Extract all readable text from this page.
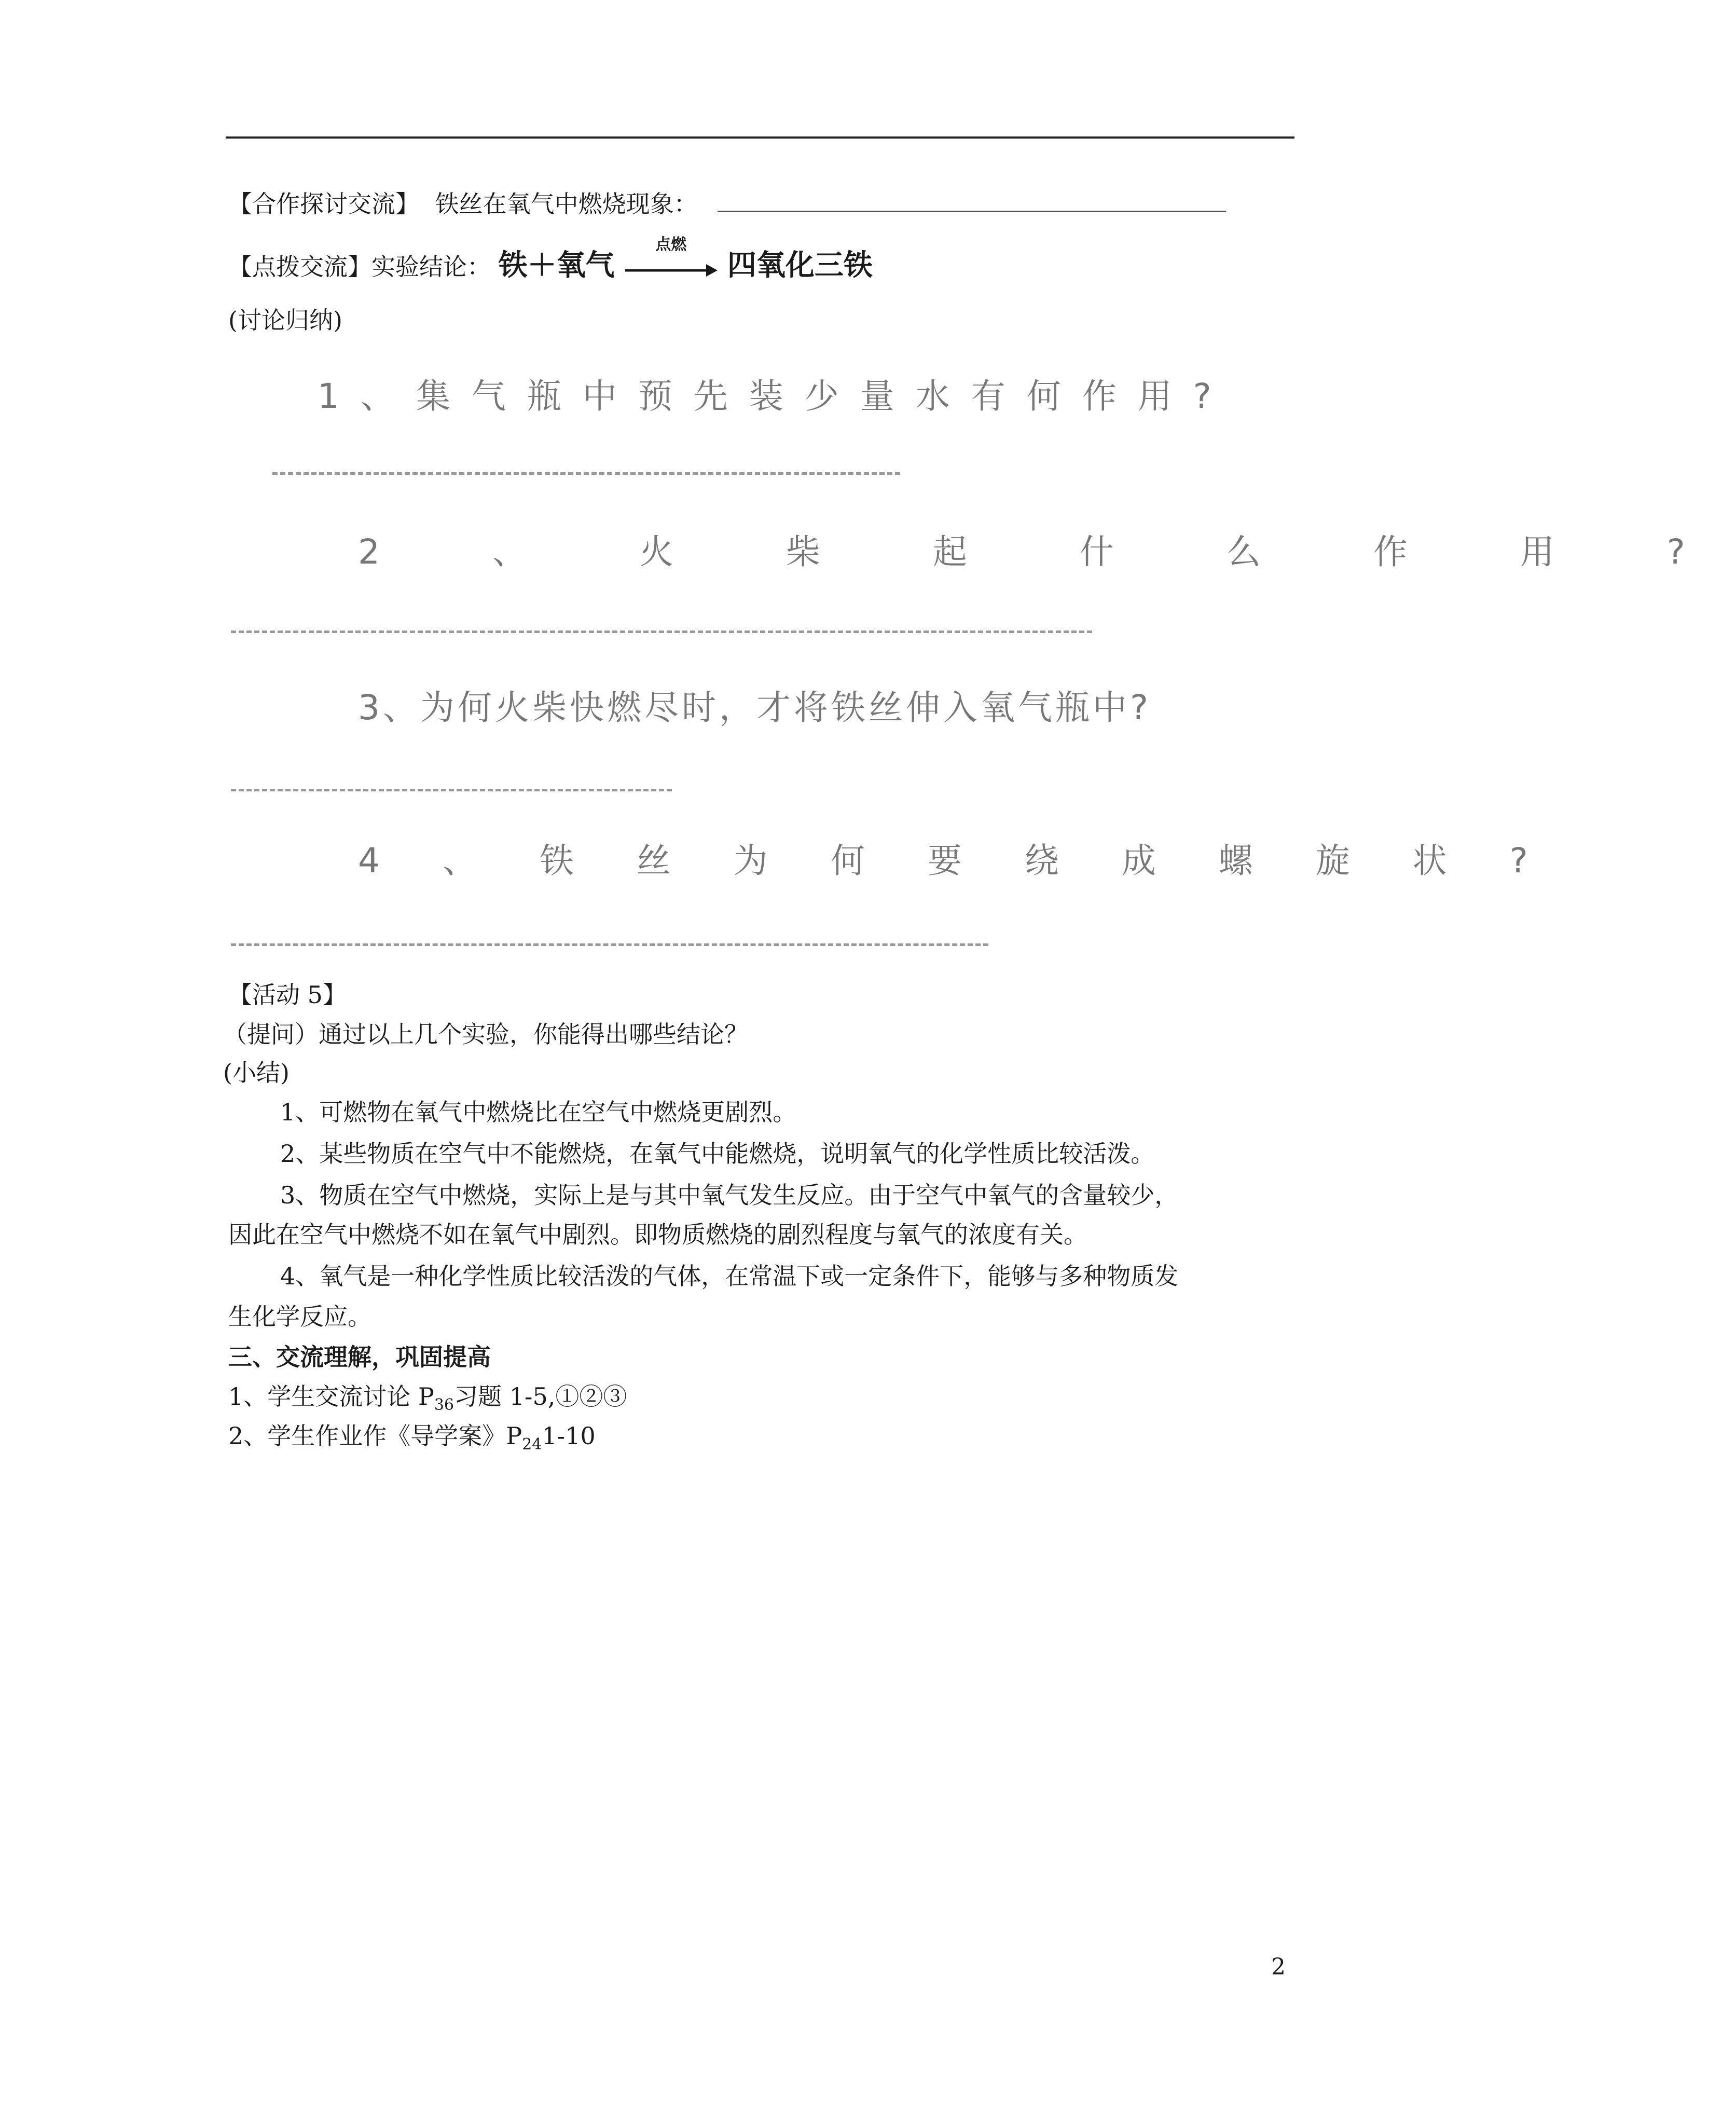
【合作探讨交流】 铁丝在氧气中燃烧现象：
【点拨交流】实验结论： 铁＋氧气
点燃
四氧化三铁
(讨论归纳)
1 、 集 气 瓶 中 预 先 装 少 量 水 有 何 作 用 ?
2 、 火 柴 起 什 么 作 用 ?
3、为何火柴快燃尽时，才将铁丝伸入氧气瓶中?
4 、 铁 丝 为 何 要 绕 成 螺 旋 状 ?
【活动 5】
（提问）通过以上几个实验，你能得出哪些结论？
(小结)
1、可燃物在氧气中燃烧比在空气中燃烧更剧烈。
2、某些物质在空气中不能燃烧，在氧气中能燃烧，说明氧气的化学性质比较活泼。
3、物质在空气中燃烧，实际上是与其中氧气发生反应。由于空气中氧气的含量较少，
因此在空气中燃烧不如在氧气中剧烈。即物质燃烧的剧烈程度与氧气的浓度有关。
4、氧气是一种化学性质比较活泼的气体，在常温下或一定条件下，能够与多种物质发
生化学反应。
三、交流理解，巩固提高
1、学生交流讨论 $P_{36}$习题 1-5,①②③
2、学生作业作《导学案》$P_{24}1-10$
2
